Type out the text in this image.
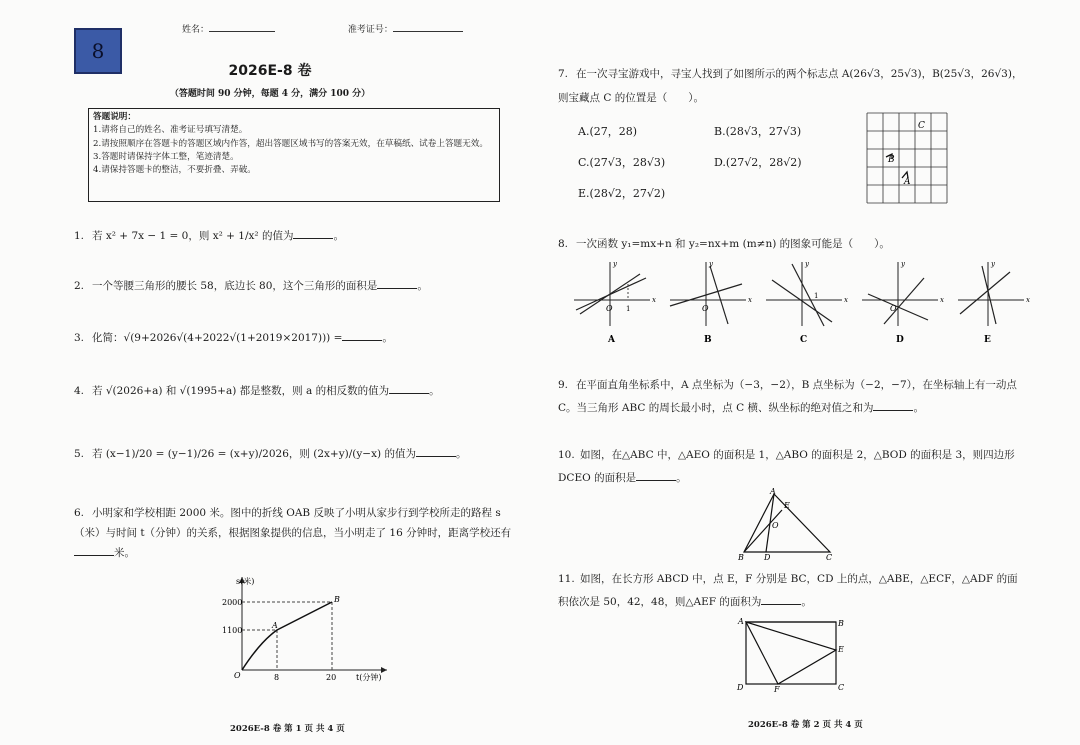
8
姓名：	准考证号：
2026E-8 卷
（答题时间 90 分钟，每题 4 分，满分 100 分）
答题说明：
1.请将自己的姓名、准考证号填写清楚。
2.请按照顺序在答题卡的答题区域内作答，超出答题区域书写的答案无效，在草稿纸、试卷上答题无效。
3.答题时请保持字体工整，笔迹清楚。
4.请保持答题卡的整洁，不要折叠、弄破。
1. 若 x² + 7x − 1 = 0，则 x² + 1/x² 的值为	。
2. 一个等腰三角形的腰长 58，底边长 80，这个三角形的面积是	。
3. 化简：√(9+2026√(4+2022√(1+2019×2017))) =	。
4. 若 √(2026+a) 和 √(1995+a) 都是整数，则 a 的相反数的值为	。
5. 若 (x−1)/20 = (y−1)/26 = (x+y)/2026，则 (2x+y)/(y−x) 的值为	。
6. 小明家和学校相距 2000 米。图中的折线 OAB 反映了小明从家步行到学校所走的路程 s（米）与时间 t（分钟）的关系，根据图象提供的信息，当小明走了 16 分钟时，距离学校还有米。
s(米)
t(分钟)
2000
1100
8	20
O
A
B
2026E-8 卷 第 1 页 共 4 页
7. 在一次寻宝游戏中，寻宝人找到了如图所示的两个标志点 A(26√3，25√3)，B(25√3，26√3)，则宝藏点 C 的位置是（　　）。
A.(27，28)	B.(28√3，27√3)
C.(27√3，28√3)	D.(27√2，28√2)
E.(28√2，27√2)
B
A
C
8. 一次函数 y₁=mx+n 和 y₂=nx+m (m≠n) 的图象可能是（　　）。
O 1
x
y
A
O
x
y
B
1	x
y
C
O
x
y
D
x
y
E
9. 在平面直角坐标系中，A 点坐标为（−3，−2），B 点坐标为（−2，−7），在坐标轴上有一动点 C。当三角形 ABC 的周长最小时，点 C 横、纵坐标的绝对值之和为	。
10. 如图，在△ABC 中，△AEO 的面积是 1，△ABO 的面积是 2，△BOD 的面积是 3，则四边形 DCEO 的面积是	。
A
B	C
D
E
O
11. 如图，在长方形 ABCD 中，点 E，F 分别是 BC，CD 上的点，△ABE，△ECF，△ADF 的面积依次是 50，42，48，则△AEF 的面积为	。
A	B
C
D
E
F
2026E-8 卷 第 2 页 共 4 页
